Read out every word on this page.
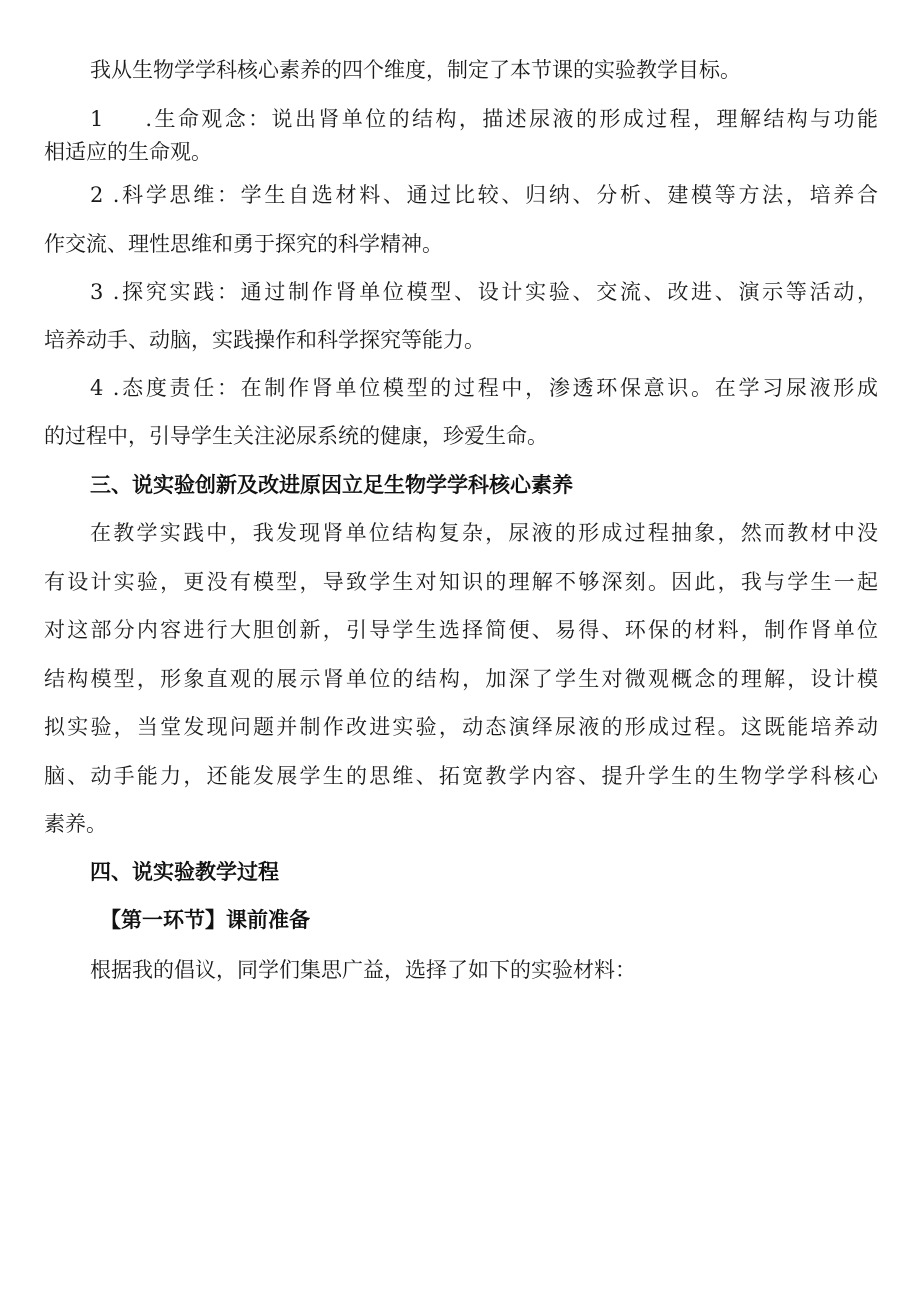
我从生物学学科核心素养的四个维度，制定了本节课的实验教学目标。
1 .生命观念：说出肾单位的结构，描述尿液的形成过程，理解结构与功能
相适应的生命观。
2 .科学思维：学生自选材料、通过比较、归纳、分析、建模等方法，培养合
作交流、理性思维和勇于探究的科学精神。
3 .探究实践：通过制作肾单位模型、设计实验、交流、改进、演示等活动，
培养动手、动脑，实践操作和科学探究等能力。
4 .态度责任：在制作肾单位模型的过程中，渗透环保意识。在学习尿液形成
的过程中，引导学生关注泌尿系统的健康，珍爱生命。
三、说实验创新及改进原因立足生物学学科核心素养
在教学实践中，我发现肾单位结构复杂，尿液的形成过程抽象，然而教材中没
有设计实验，更没有模型，导致学生对知识的理解不够深刻。因此，我与学生一起
对这部分内容进行大胆创新，引导学生选择简便、易得、环保的材料，制作肾单位
结构模型，形象直观的展示肾单位的结构，加深了学生对微观概念的理解，设计模
拟实验，当堂发现问题并制作改进实验，动态演绎尿液的形成过程。这既能培养动
脑、动手能力，还能发展学生的思维、拓宽教学内容、提升学生的生物学学科核心
素养。
四、说实验教学过程
【第一环节】课前准备
根据我的倡议，同学们集思广益，选择了如下的实验材料：
